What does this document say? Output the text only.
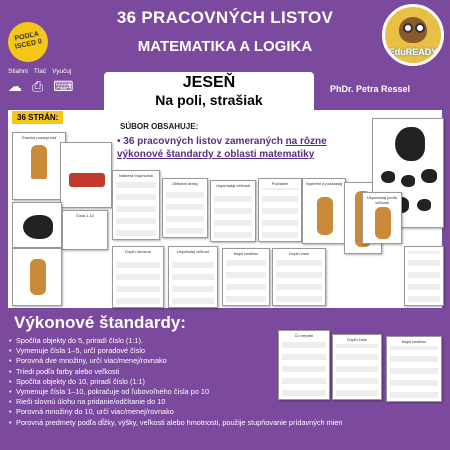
PODĽA ISCED 0
36 PRACOVNÝCH LISTOV
MATEMATIKA A LOGIKA	EduREADY
Stiahni Tlač Vyučuj
☁ ⎙ ⌨	JESEŇ
Na poli, strašiak
PhDr. Petra Ressel
36 STRÁN:
SÚBOR OBSAHUJE:
• 36 pracovných listov zameraných na rôzne výkonové štandardy z oblasti matematiky
Číselná postupnosť
Čísla 1-10
Nakresli trojuholník
Obtiahni dráhy	Usporiadaj veľkosti	Počítanie	Vystrihni a poskladaj
Usporiadaj podľa veľkosti
Doplň obrázok	Uspoľadaj veľkosť	Nájdi cestičku	Doplň číslo
Čo nepatrí
Doplň číslo	Nájdi cestičku
Výkonové štandardy:
• Spočíta objekty do 5, priradí číslo (1:1).
• Vymenuje čísla 1–5, určí poradové číslo
• Porovná dve množiny, určí viac/menej/rovnako
• Triedi podľa farby alebo veľkosti
• Spočíta objekty do 10, priradí číslo (1:1)
• Vymenuje čísla 1–10, pokračuje od ľubovoľného čísla po 10
• Rieši slovnú úlohu na pridanie/odčítanie do 10
• Porovná množiny do 10, určí viac/menej/rovnako
• Porovná predmety podľa dĺžky, výšky, veľkosti alebo hmotnosti, použije stupňovanie prídavných mien
